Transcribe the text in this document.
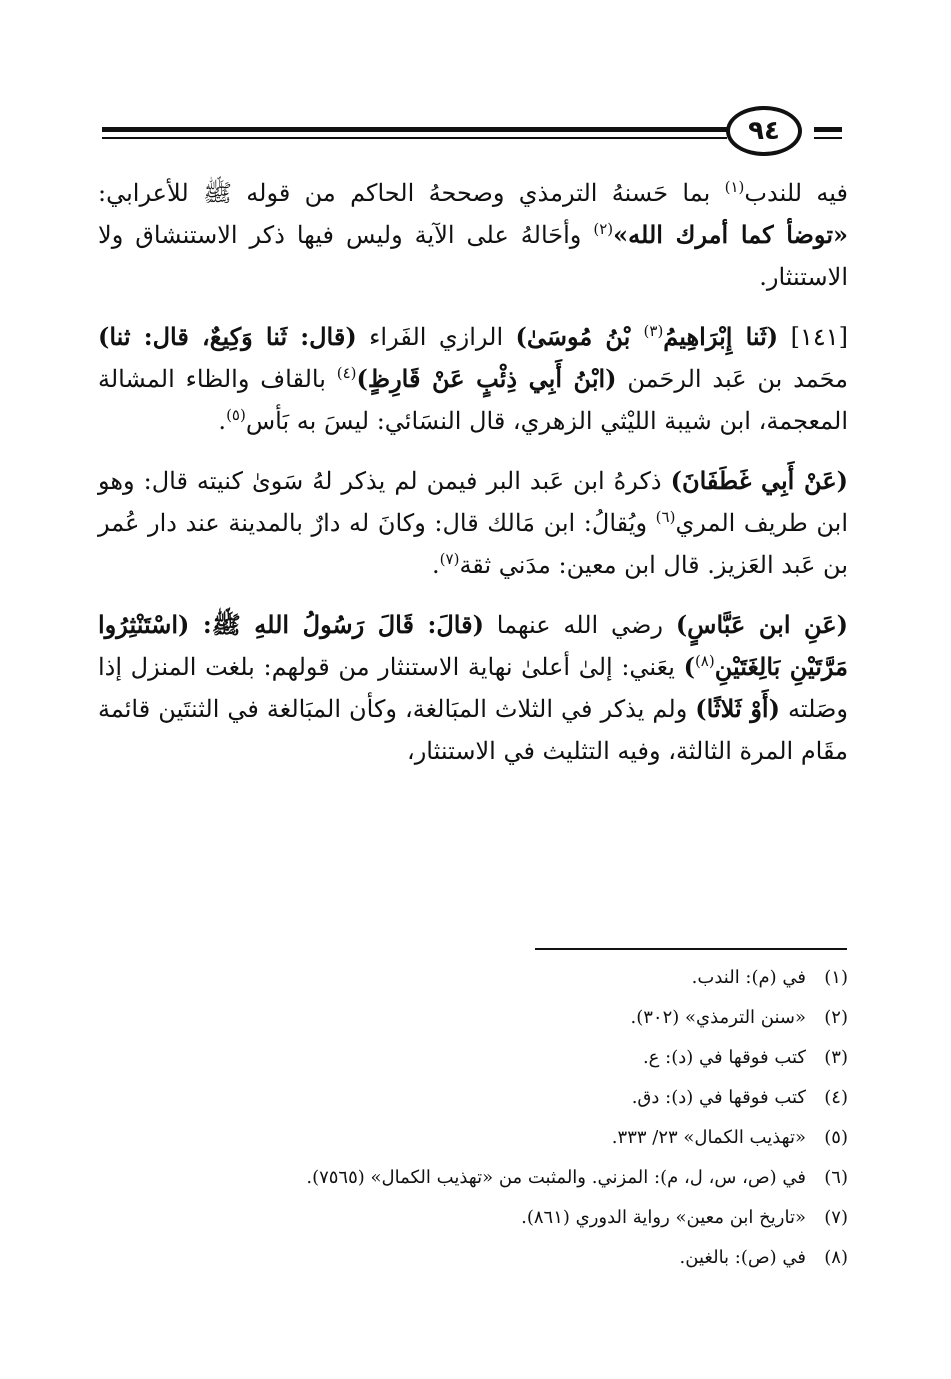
٩٤

فيه للندب$^{(١)}$ بما حَسنهُ الترمذي وصححهُ الحاكم من قوله ﷺ للأعرابي: «توضأ كما أمرك الله»$^{(٢)}$ وأحَالهُ على الآية وليس فيها ذكر الاستنشاق ولا الاستنثار.

[١٤١] (ثَنا إِبْرَاهِيمُ$^{(٣)}$ بْنُ مُوسَىٰ) الرازي الفَراء (قال: ثَنا وَكِيعٌ، قال: ثنا) محَمد بن عَبد الرحَمن (ابْنُ أَبِي ذِئْبٍ عَنْ قَارِظٍ)$^{(٤)}$ بالقاف والظاء المشالة المعجمة، ابن شيبة الليْثي الزهري، قال النسَائي: ليسَ به بَأس$^{(٥)}$.

(عَنْ أَبِي غَطَفَانَ) ذكرهُ ابن عَبد البر فيمن لم يذكر لهُ سَوىٰ كنيته قال: وهو ابن طريف المري$^{(٦)}$ ويُقالُ: ابن مَالك قال: وكانَ له دارٌ بالمدينة عند دار عُمر بن عَبد العَزيز. قال ابن معين: مدَني ثقة$^{(٧)}$.

(عَنِ ابن عَبَّاسٍ) رضي الله عنهما (قالَ: قَالَ رَسُولُ اللهِ ﷺ: (اسْتَنْثِرُوا مَرَّتَيْنِ بَالِغَتَيْنِ$^{(٨)}$) يعَني: إلىٰ أعلىٰ نهاية الاستنثار من قولهم: بلغت المنزل إذا وصَلته (أَوْ ثَلاثًا) ولم يذكر في الثلاث المبَالغة، وكأن المبَالغة في الثنتَين قائمة مقَام المرة الثالثة، وفيه التثليث في الاستنثار،

(١)
في (م): الندب.
(٢)
«سنن الترمذي» (٣٠٢).
(٣)
كتب فوقها في (د): ع.
(٤)
كتب فوقها في (د): دق.
(٥)
«تهذيب الكمال» ٢٣/ ٣٣٣.
(٦)
في (ص، س، ل، م): المزني. والمثبت من «تهذيب الكمال» (٧٥٦٥).
(٧)
«تاريخ ابن معين» رواية الدوري (٨٦١).
(٨)
في (ص): بالغين.
